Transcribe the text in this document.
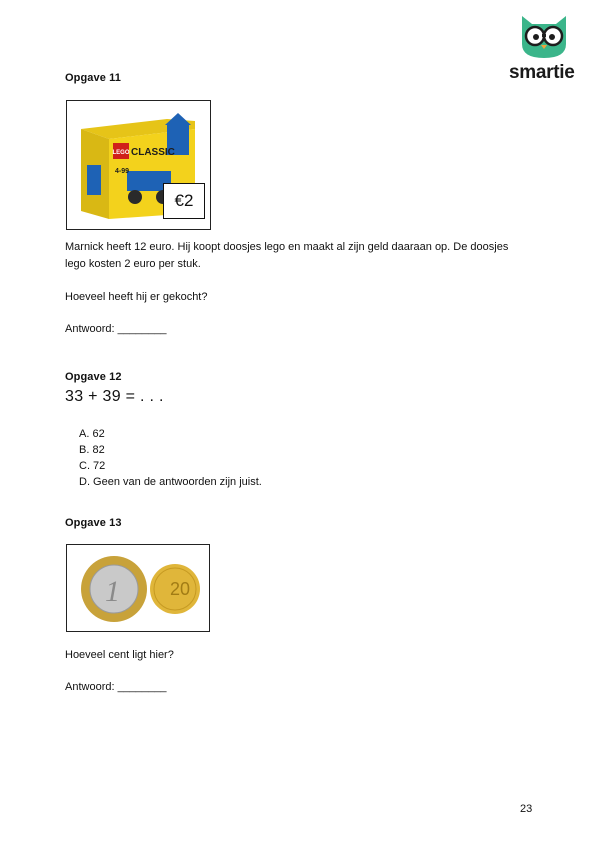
smartie
Opgave 11
LEGO CLASSIC
4-99
€2
Marnick heeft 12 euro. Hij koopt doosjes lego en maakt al zijn geld daaraan op. De doosjes
lego kosten 2 euro per stuk.
Hoeveel heeft hij er gekocht?
Antwoord: ________
Opgave 12
33 + 39 = . . .
A. 62
B. 82
C. 72
D. Geen van de antwoorden zijn juist.
Opgave 13
1	20
Hoeveel cent ligt hier?
Antwoord: ________
23
